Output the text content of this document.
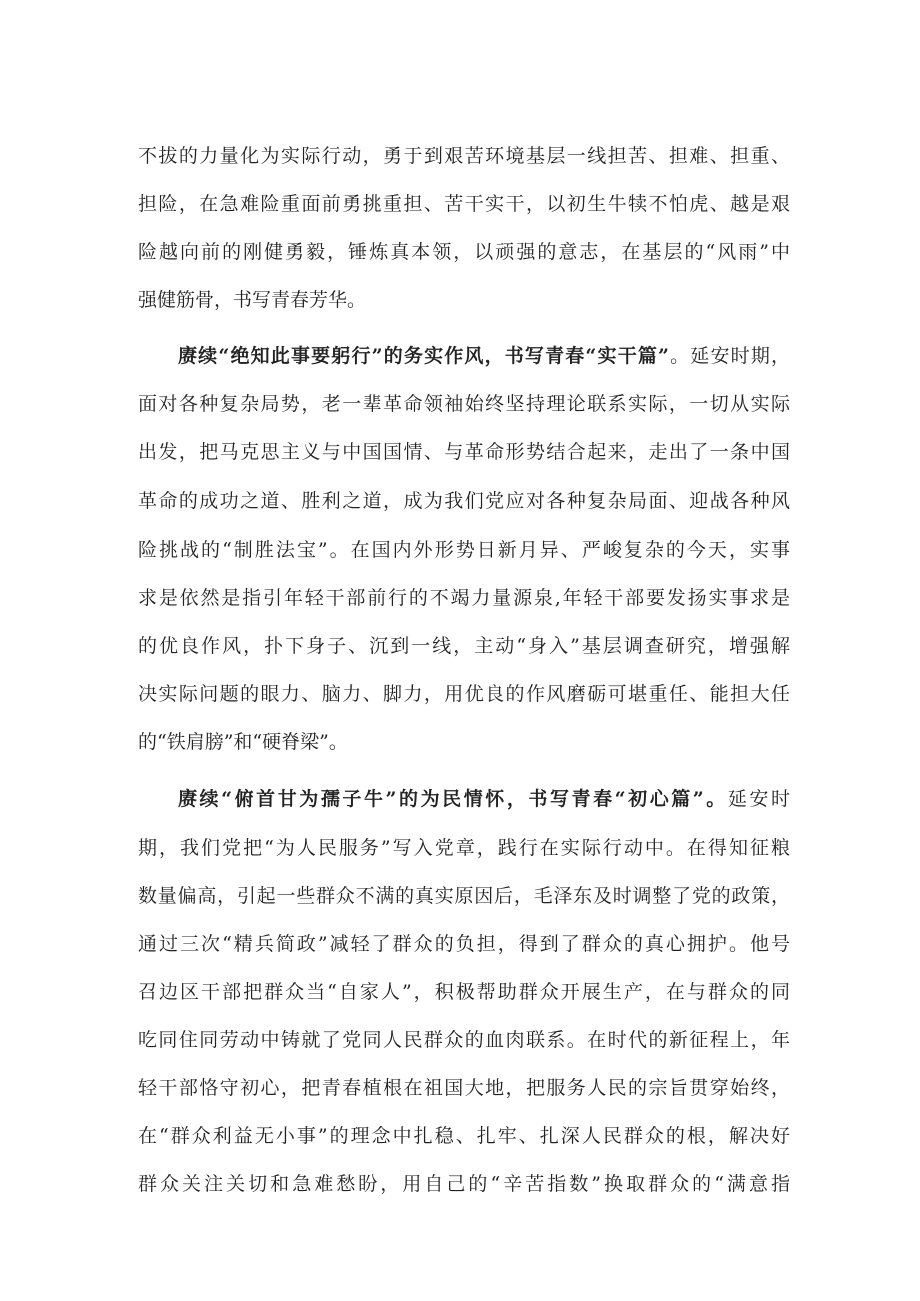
不拔的力量化为实际行动，勇于到艰苦环境基层一线担苦、担难、担重、
担险，在急难险重面前勇挑重担、苦干实干，以初生牛犊不怕虎、越是艰
险越向前的刚健勇毅，锤炼真本领，以顽强的意志，在基层的“风雨”中
强健筋骨，书写青春芳华。
赓续“绝知此事要躬行”的务实作风，书写青春“实干篇”。延安时期，
面对各种复杂局势，老一辈革命领袖始终坚持理论联系实际，一切从实际
出发，把马克思主义与中国国情、与革命形势结合起来，走出了一条中国
革命的成功之道、胜利之道，成为我们党应对各种复杂局面、迎战各种风
险挑战的“制胜法宝”。在国内外形势日新月异、严峻复杂的今天，实事
求是依然是指引年轻干部前行的不竭力量源泉,年轻干部要发扬实事求是
的优良作风，扑下身子、沉到一线，主动“身入”基层调查研究，增强解
决实际问题的眼力、脑力、脚力，用优良的作风磨砺可堪重任、能担大任
的“铁肩膀”和“硬脊梁”。
赓续“俯首甘为孺子牛”的为民情怀，书写青春“初心篇”。延安时
期，我们党把“为人民服务”写入党章，践行在实际行动中。在得知征粮
数量偏高，引起一些群众不满的真实原因后，毛泽东及时调整了党的政策，
通过三次“精兵简政”减轻了群众的负担，得到了群众的真心拥护。他号
召边区干部把群众当“自家人”，积极帮助群众开展生产，在与群众的同
吃同住同劳动中铸就了党同人民群众的血肉联系。在时代的新征程上，年
轻干部恪守初心，把青春植根在祖国大地，把服务人民的宗旨贯穿始终，
在“群众利益无小事”的理念中扎稳、扎牢、扎深人民群众的根，解决好
群众关注关切和急难愁盼，用自己的“辛苦指数”换取群众的“满意指
